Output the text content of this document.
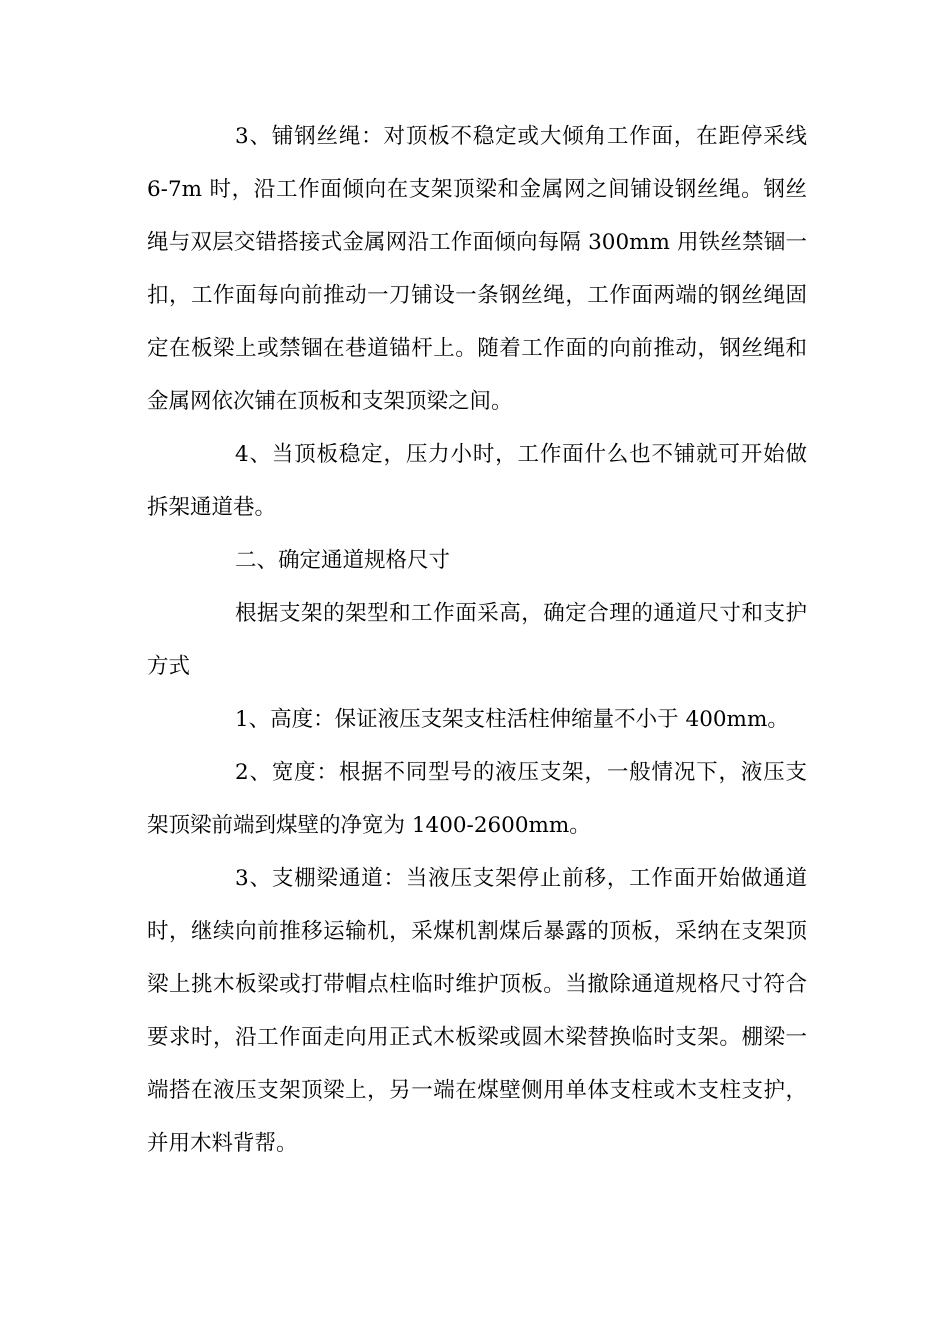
3、铺钢丝绳：对顶板不稳定或大倾角工作面，在距停采线 6-7m 时，沿工作面倾向在支架顶梁和金属网之间铺设钢丝绳。钢丝绳与双层交错搭接式金属网沿工作面倾向每隔 300mm 用铁丝禁锢一扣，工作面每向前推动一刀铺设一条钢丝绳，工作面两端的钢丝绳固定在板梁上或禁锢在巷道锚杆上。随着工作面的向前推动，钢丝绳和金属网依次铺在顶板和支架顶梁之间。

4、当顶板稳定，压力小时，工作面什么也不铺就可开始做拆架通道巷。

二、确定通道规格尺寸

根据支架的架型和工作面采高，确定合理的通道尺寸和支护方式

1、高度：保证液压支架支柱活柱伸缩量不小于 400mm。

2、宽度：根据不同型号的液压支架，一般情况下，液压支架顶梁前端到煤壁的净宽为 1400-2600mm。

3、支棚梁通道：当液压支架停止前移，工作面开始做通道时，继续向前推移运输机，采煤机割煤后暴露的顶板，采纳在支架顶梁上挑木板梁或打带帽点柱临时维护顶板。当撤除通道规格尺寸符合要求时，沿工作面走向用正式木板梁或圆木梁替换临时支架。棚梁一端搭在液压支架顶梁上，另一端在煤壁侧用单体支柱或木支柱支护，并用木料背帮。
